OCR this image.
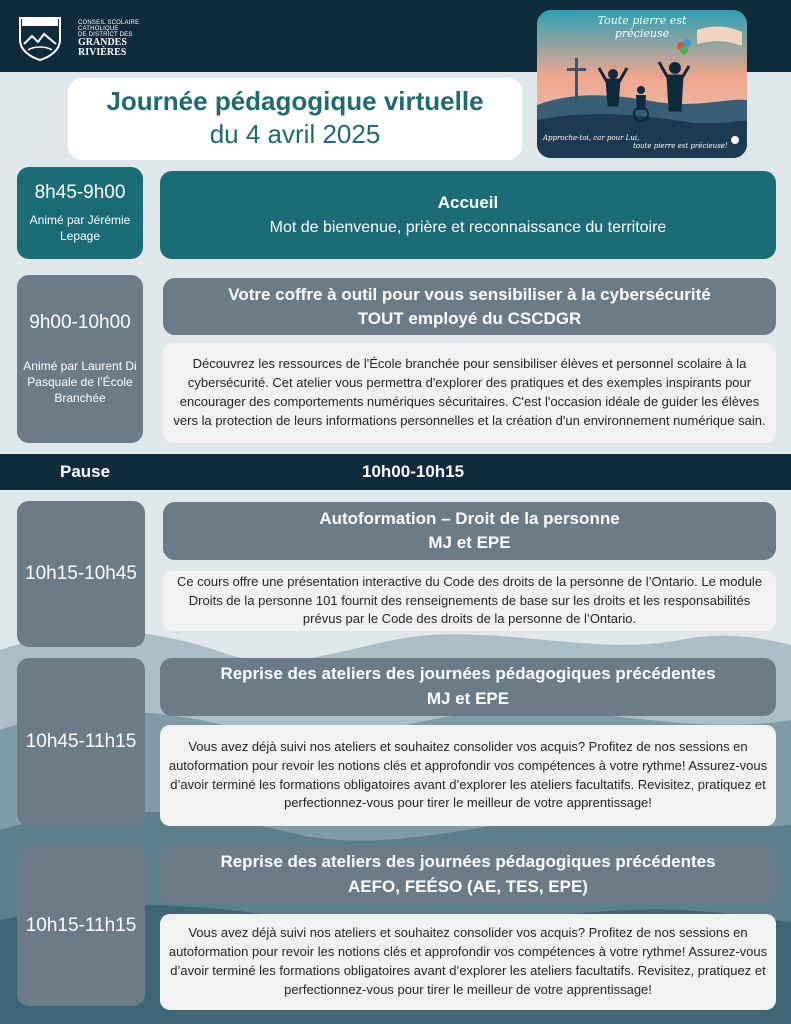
CONSEIL SCOLAIRE
CATHOLIQUE
DE DISTRICT DES
GRANDES
RIVIÈRES
CSCDGR
Journée pédagogique virtuelle
du 4 avril 2025
Toute pierre est précieuse
Approche-toi, car pour Lui,
toute pierre est précieuse!
8h45-9h00
Animé par Jérémie Lepage
Accueil
Mot de bienvenue, prière et reconnaissance du territoire
9h00-10h00
Animé par Laurent Di Pasquale de l’École Branchée
Votre coffre à outil pour vous sensibiliser à la cybersécurité
TOUT employé du CSCDGR
Découvrez les ressources de l'École branchée pour sensibiliser élèves et personnel scolaire à la cybersécurité. Cet atelier vous permettra d'explorer des pratiques et des exemples inspirants pour encourager des comportements numériques sécuritaires. C'est l'occasion idéale de guider les élèves vers la protection de leurs informations personnelles et la création d'un environnement numérique sain.
Pause	10h00-10h15
10h15-10h45
Autoformation – Droit de la personne
MJ et EPE
Ce cours offre une présentation interactive du Code des droits de la personne de l’Ontario. Le module Droits de la personne 101 fournit des renseignements de base sur les droits et les responsabilités prévus par le Code des droits de la personne de l’Ontario.
10h45-11h15
Reprise des ateliers des journées pédagogiques précédentes
MJ et EPE
Vous avez déjà suivi nos ateliers et souhaitez consolider vos acquis? Profitez de nos sessions en autoformation pour revoir les notions clés et approfondir vos compétences à votre rythme! Assurez-vous d’avoir terminé les formations obligatoires avant d’explorer les ateliers facultatifs. Revisitez, pratiquez et perfectionnez-vous pour tirer le meilleur de votre apprentissage!
10h15-11h15
Reprise des ateliers des journées pédagogiques précédentes
AEFO, FEÉSO (AE, TES, EPE)
Vous avez déjà suivi nos ateliers et souhaitez consolider vos acquis? Profitez de nos sessions en autoformation pour revoir les notions clés et approfondir vos compétences à votre rythme! Assurez-vous d’avoir terminé les formations obligatoires avant d’explorer les ateliers facultatifs. Revisitez, pratiquez et perfectionnez-vous pour tirer le meilleur de votre apprentissage!
